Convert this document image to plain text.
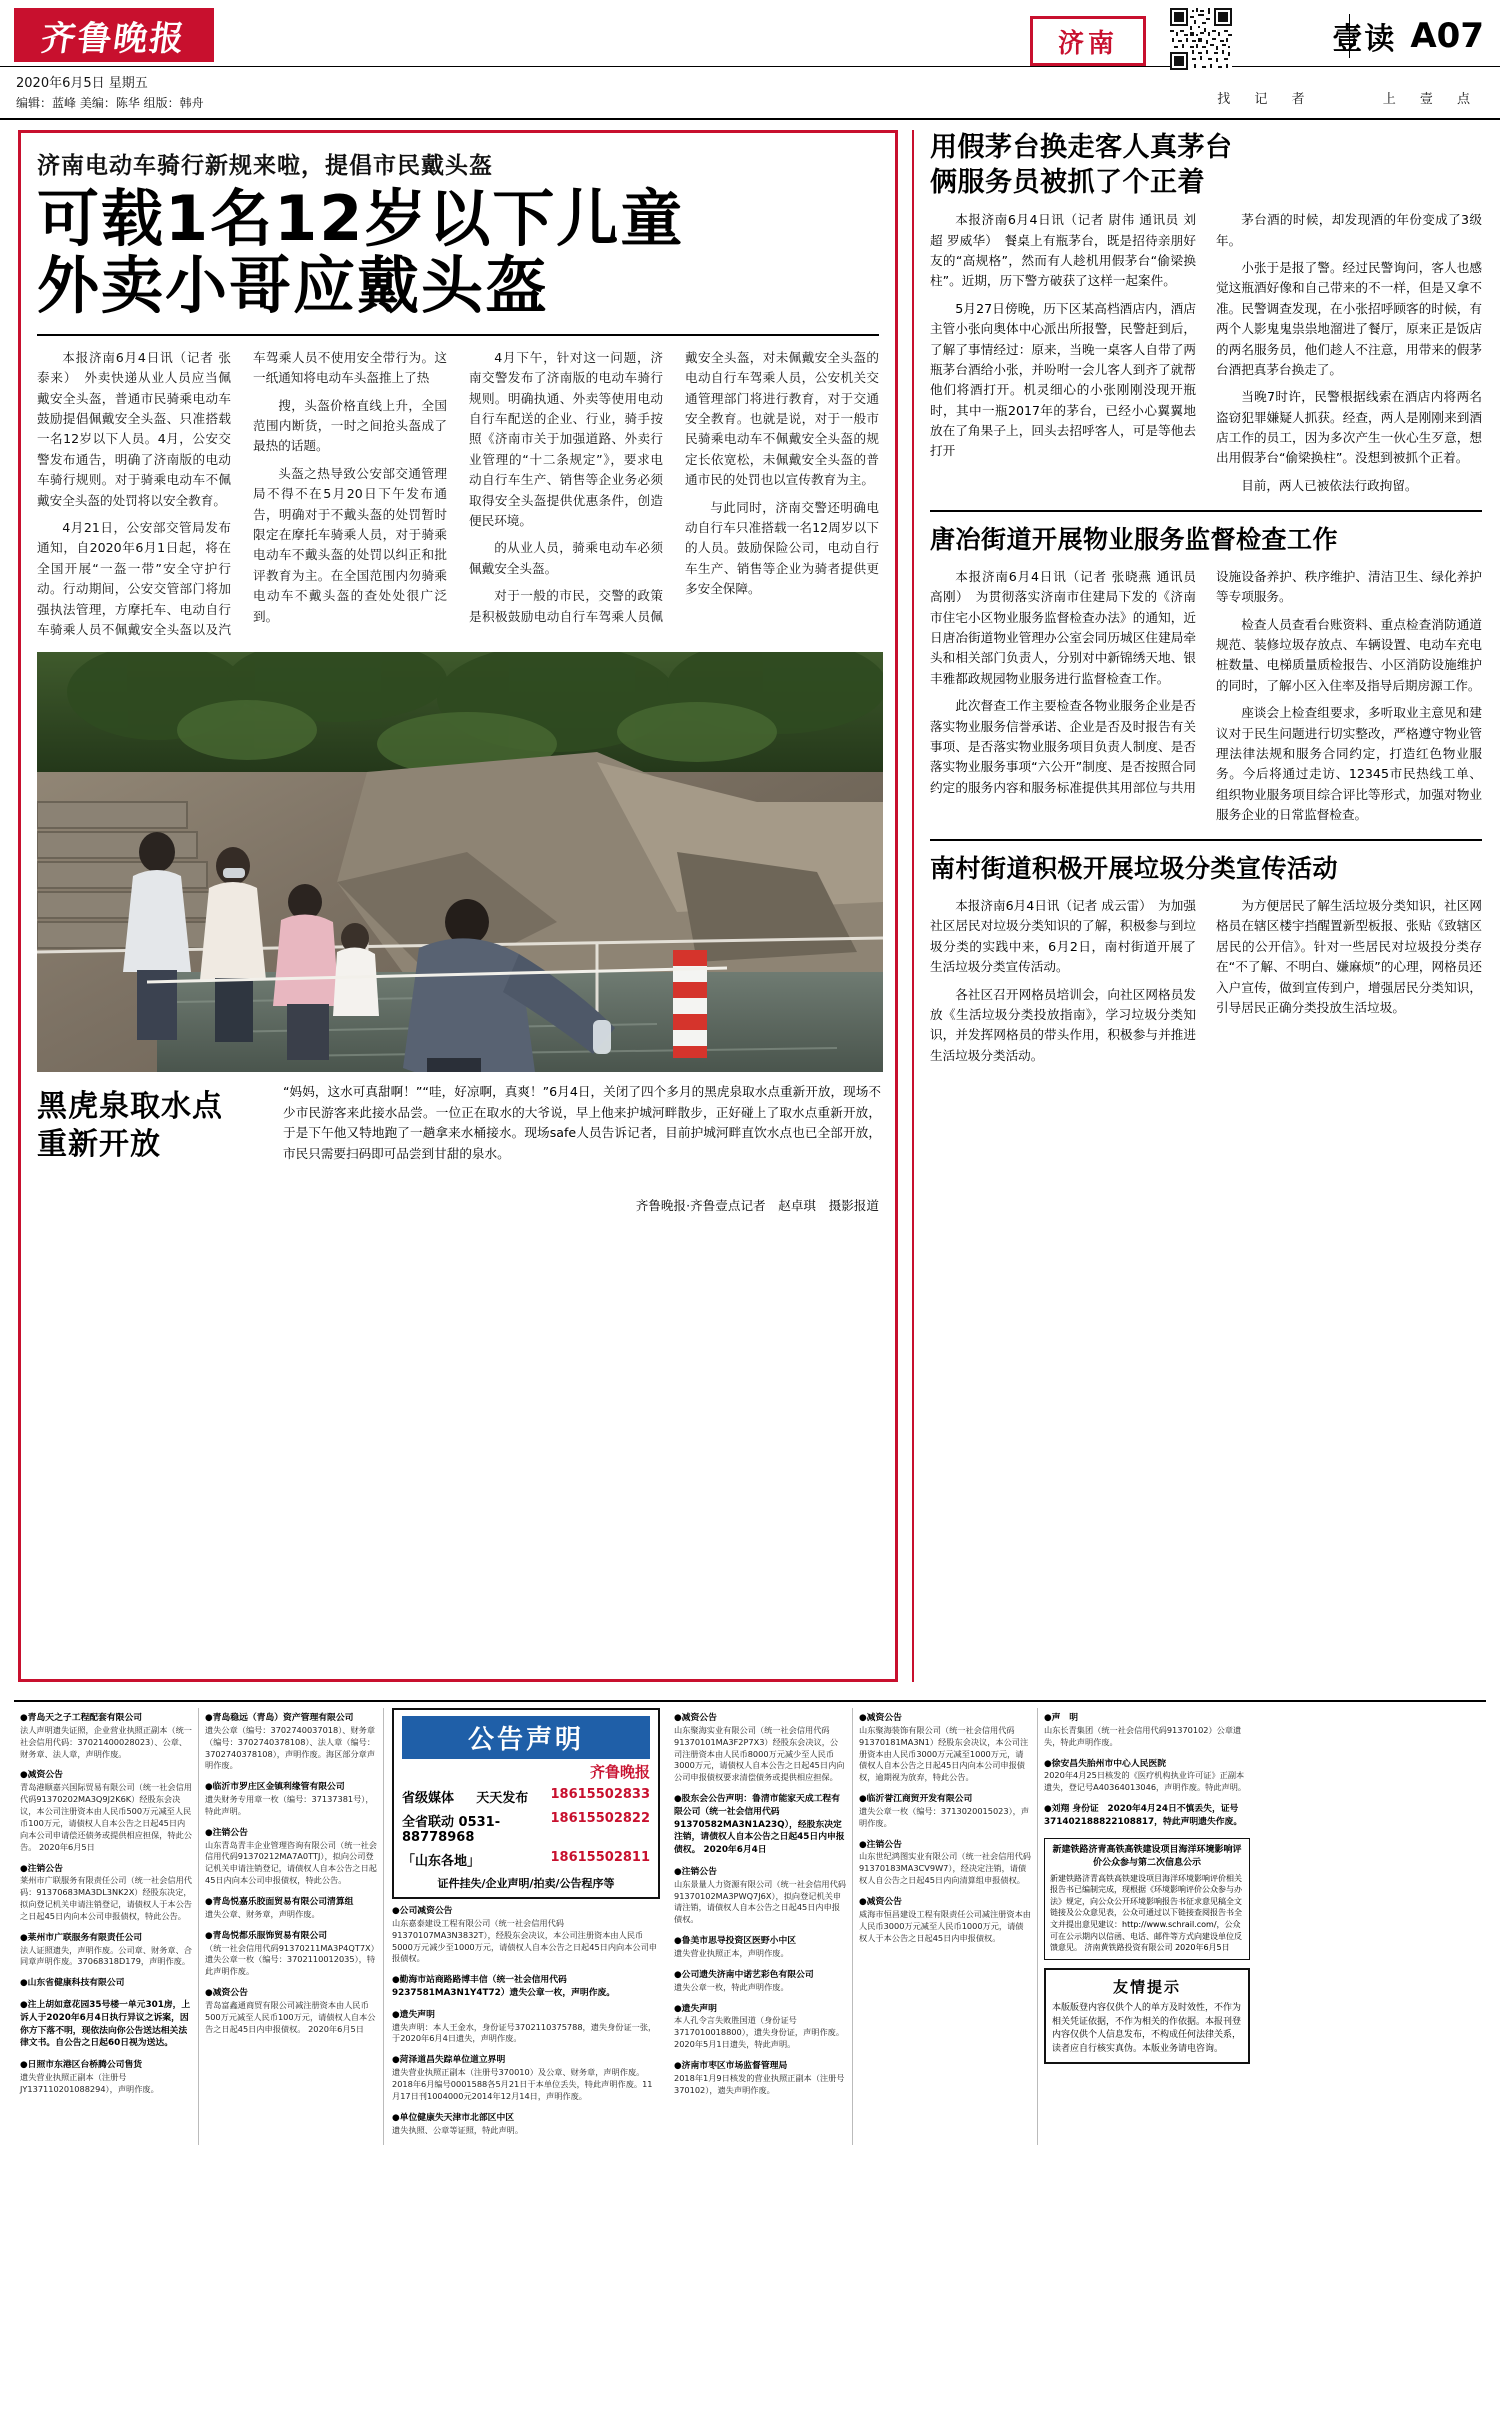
齐鲁晚报
2020年6月5日 星期五
编辑：蓝峰 美编：陈华 组版：韩舟
济南	壹读 A07
找 记 者	上 壹 点
济南电动车骑行新规来啦，提倡市民戴头盔
可载1名12岁以下儿童
外卖小哥应戴头盔

本报济南6月4日讯（记者 张泰来）　外卖快递从业人员应当佩戴安全头盔，普通市民骑乘电动车鼓励提倡佩戴安全头盔、只准搭载一名12岁以下人员。4月，公安交警发布通告，明确了济南版的电动车骑行规则。对于骑乘电动车不佩戴安全头盔的处罚将以安全教育。

4月21日，公安部交管局发布通知，自2020年6月1日起，将在全国开展“一盔一带”安全守护行动。行动期间，公安交管部门将加强执法管理，方摩托车、电动自行车骑乘人员不佩戴安全头盔以及汽车驾乘人员不使用安全带行为。这一纸通知将电动车头盔推上了热

搜，头盔价格直线上升，全国范围内断货，一时之间抢头盔成了最热的话题。

头盔之热导致公安部交通管理局不得不在5月20日下午发布通告，明确对于不戴头盔的处罚暂时限定在摩托车骑乘人员，对于骑乘电动车不戴头盔的处罚以纠正和批评教育为主。在全国范围内勿骑乘电动车不戴头盔的查处处很广泛到。

4月下午，针对这一问题，济南交警发布了济南版的电动车骑行规则。明确执通、外卖等使用电动自行车配送的企业、行业，骑手按照《济南市关于加强道路、外卖行业管理的“十二条规定”》，要求电动自行车生产、销售等企业务必须取得安全头盔提供优惠条件，创造便民环境。

的从业人员，骑乘电动车必须佩戴安全头盔。

对于一般的市民，交警的政策是积极鼓励电动自行车驾乘人员佩戴安全头盔，对未佩戴安全头盔的电动自行车驾乘人员，公安机关交通管理部门将进行教育，对于交通安全教育。也就是说，对于一般市民骑乘电动车不佩戴安全头盔的规定长依宽松，未佩戴安全头盔的普通市民的处罚也以宣传教育为主。

与此同时，济南交警还明确电动自行车只准搭载一名12周岁以下的人员。鼓励保险公司，电动自行车生产、销售等企业为骑者提供更多安全保障。

黑虎泉取水点
重新开放
“妈妈，这水可真甜啊！”“哇，好凉啊，真爽！”6月4日，关闭了四个多月的黑虎泉取水点重新开放，现场不少市民游客来此接水品尝。一位正在取水的大爷说，早上他来护城河畔散步，正好碰上了取水点重新开放，于是下午他又特地跑了一趟拿来水桶接水。现场safe人员告诉记者，目前护城河畔直饮水点也已全部开放，市民只需要扫码即可品尝到甘甜的泉水。
齐鲁晚报·齐鲁壹点记者　赵卓琪　摄影报道
用假茅台换走客人真茅台
俩服务员被抓了个正着

本报济南6月4日讯（记者 尉伟 通讯员 刘超 罗威华）　餐桌上有瓶茅台，既是招待亲朋好友的“高规格”，然而有人趁机用假茅台“偷梁换柱”。近期，历下警方破获了这样一起案件。

5月27日傍晚，历下区某高档酒店内，酒店主管小张向奥体中心派出所报警，民警赶到后，了解了事情经过：原来，当晚一桌客人自带了两瓶茅台酒给小张，并吩咐一会儿客人到齐了就帮他们将酒打开。机灵细心的小张刚刚没现开瓶时，其中一瓶2017年的茅台，已经小心翼翼地放在了角果子上，回头去招呼客人，可是等他去打开

茅台酒的时候，却发现酒的年份变成了3级年。

小张于是报了警。经过民警询问，客人也感觉这瓶酒好像和自己带来的不一样，但是又拿不准。民警调查发现，在小张招呼顾客的时候，有两个人影鬼鬼祟祟地溜进了餐厅，原来正是饭店的两名服务员，他们趁人不注意，用带来的假茅台酒把真茅台换走了。

当晚7时许，民警根据线索在酒店内将两名盗窃犯罪嫌疑人抓获。经查，两人是刚刚来到酒店工作的员工，因为多次产生一伙心生歹意，想出用假茅台“偷梁换柱”。没想到被抓个正着。

目前，两人已被依法行政拘留。

唐冶街道开展物业服务监督检查工作

本报济南6月4日讯（记者 张晓燕 通讯员 高刚）　为贯彻落实济南市住建局下发的《济南市住宅小区物业服务监督检查办法》的通知，近日唐冶街道物业管理办公室会同历城区住建局牵头和相关部门负责人，分别对中新锦绣天地、银丰雅都政规园物业服务进行监督检查工作。

此次督查工作主要检查各物业服务企业是否落实物业服务信誉承诺、企业是否及时报告有关事项、是否落实物业服务项目负责人制度、是否落实物业服务事项“六公开”制度、是否按照合同约定的服务内容和服务标准提供其用部位与共用设施设备养护、秩序维护、清洁卫生、绿化养护等专项服务。

检查人员查看台账资料、重点检查消防通道规范、装修垃圾存放点、车辆设置、电动车充电桩数量、电梯质量质检报告、小区消防设施维护的同时，了解小区入住率及指导后期房源工作。

座谈会上检查组要求，多听取业主意见和建议对于民生问题进行切实整改，严格遵守物业管理法律法规和服务合同约定，打造红色物业服务。今后将通过走访、12345市民热线工单、组织物业服务项目综合评比等形式，加强对物业服务企业的日常监督检查。

南村街道积极开展垃圾分类宣传活动

本报济南6月4日讯（记者 成云雷）　为加强社区居民对垃圾分类知识的了解，积极参与到垃圾分类的实践中来，6月2日，南村街道开展了生活垃圾分类宣传活动。

各社区召开网格员培训会，向社区网格员发放《生活垃圾分类投放指南》，学习垃圾分类知识，并发挥网格员的带头作用，积极参与并推进生活垃圾分类活动。

为方便居民了解生活垃圾分类知识，社区网格员在辖区楼宇挡醒置新型板报、张贴《致辖区居民的公开信》。针对一些居民对垃圾投分类存在“不了解、不明白、嫌麻烦”的心理，网格员还入户宣传，做到宣传到户，增强居民分类知识，引导居民正确分类投放生活垃圾。

●青岛天之子工程配套有限公司
法人声明遗失证照，企业营业执照正副本（统一社会信用代码：37021400028023）、公章、财务章、法人章，声明作废。
●减资公告
青岛港顺嘉兴国际贸易有限公司（统一社会信用代码91370202MA3Q9J2K6K）经股东会决议，本公司注册资本由人民币500万元减至人民币100万元，请债权人自本公告之日起45日内向本公司申请偿还债务或提供相应担保，特此公告。 2020年6月5日
●注销公告
莱州市广联服务有限责任公司（统一社会信用代码：91370683MA3DL3NK2X）经股东决定，拟向登记机关申请注销登记，请债权人于本公告之日起45日内向本公司申报债权，特此公告。
●莱州市广联服务有限责任公司
法人证照遗失，声明作废。公司章、财务章、合同章声明作废。37068318D179，声明作废。
●山东省健康科技有限公司
●注上胡如意花园35号楼一单元301房，上诉人于2020年6月4日执行异议之诉案，因你方下落不明，现依法向你公告送达相关法律文书。自公告之日起60日视为送达。
●日照市东港区台桥腾公司售货
遗失营业执照正副本（注册号JY137110201088294），声明作废。
●青岛稳远（青岛）资产管理有限公司
遗失公章（编号：3702740037018）、财务章（编号：3702740378108）、法人章（编号：3702740378108），声明作废。海区部分章声明作废。
●临沂市罗庄区金镇利缘管有限公司
遗失财务专用章一枚（编号：37137381号），特此声明。
●注销公告
山东青岛青丰企业管理咨询有限公司（统一社会信用代码91370212MA7A0TTJ），拟向公司登记机关申请注销登记，请债权人自本公告之日起45日内向本公司申报债权，特此公告。
●青岛悦嘉乐胶面贸易有限公司清算组
遗失公章、财务章，声明作废。
●青岛悦都乐服饰贸易有限公司
（统一社会信用代码91370211MA3P4QT7X）遗失公章一枚（编号：3702110012035），特此声明作废。
●减资公告
青岛富鑫通商贸有限公司减注册资本由人民币500万元减至人民币100万元，请债权人自本公告之日起45日内申报债权。 2020年6月5日
公告声明
齐鲁晚报
省级媒体 天天发布 18615502833
全省联动 0531-88778968
18615502822
「山东各地」	18615502811
证件挂失/企业声明/拍卖/公告程序等
●公司减资公告
山东嘉泰建设工程有限公司（统一社会信用代码91370107MA3N3832T），经股东会决议，本公司注册资本由人民币5000万元减少至1000万元，请债权人自本公告之日起45日内向本公司申报债权。
●勤海市站商路路博丰信（统一社会信用代码9237581MA3N1Y4T72）遗失公章一枚，声明作废。
●遗失声明
遗失声明：本人王金水，身份证号3702110375788，遗失身份证一张，于2020年6月4日遗失，声明作废。
●菏泽道昌失踪单位道立界明
遗失营业执照正副本（注册号370010）及公章、财务章，声明作废。2018年6月编号0001588各5月21日于本单位丢失，特此声明作废。11月17日刊1004000元2014年12月14日，声明作废。
●单位健康失天津市北部区中区
遗失执照、公章等证照，特此声明。
●减资公告
山东聚海实业有限公司（统一社会信用代码91370101MA3F2P7X3）经股东会决议，公司注册资本由人民币8000万元减少至人民币3000万元，请债权人自本公告之日起45日内向公司申报债权要求清偿债务或提供相应担保。
●股东会公告声明：鲁清市能家天成工程有限公司（统一社会信用代码91370582MA3N1A23Q），经股东决定注销，请债权人自本公告之日起45日内申报债权。 2020年6月4日
●注销公告
山东景量人力资源有限公司（统一社会信用代码91370102MA3PWQ7J6X），拟向登记机关申请注销，请债权人自本公告之日起45日内申报债权。
●鲁美市思导投资区医野小中区
遗失营业执照正本，声明作废。
●公司遗失济南中诺艺彩色有限公司
遗失公章一枚，特此声明作废。
●遗失声明
本人孔令言失败胜国道（身份证号3717010018800），遗失身份证，声明作废。2020年5月1日遗失，特此声明。
●济南市枣区市场监督管理局
2018年1月9日核发的营业执照正副本（注册号370102），遗失声明作废。
●减资公告
山东聚海装饰有限公司（统一社会信用代码91370181MA3N1）经股东会决议，本公司注册资本由人民币3000万元减至1000万元，请债权人自本公告之日起45日内向本公司申报债权，逾期视为放弃，特此公告。
●临沂誉江商贸开发有限公司
遗失公章一枚（编号：3713020015023），声明作废。
●注销公告
山东世纪鸿图实业有限公司（统一社会信用代码91370183MA3CV9W7），经决定注销，请债权人自公告之日起45日内向清算组申报债权。
●减资公告
威海市恒昌建设工程有限责任公司减注册资本由人民币3000万元减至人民币1000万元，请债权人于本公告之日起45日内申报债权。
●声　明
山东长青集团（统一社会信用代码91370102）公章遗失，特此声明作废。
●徐安昌失胎州市中心人民医院
2020年4月25日核发的《医疗机构执业许可证》正副本遗失，登记号A40364013046，声明作废。特此声明。
●刘翔 身份证　2020年4月24日不慎丢失，证号371402188822108817，特此声明遗失作废。
新建铁路济青高铁高铁建设项目海洋环境影响评价公众参与第二次信息公示
新建铁路济青高铁高铁建设项目海洋环境影响评价相关报告书已编制完成，现根据《环境影响评价公众参与办法》规定，向公众公开环境影响报告书征求意见稿全文链接及公众意见表，公众可通过以下链接查阅报告书全文并提出意见建议：http://www.schrail.com/，公众可在公示期内以信函、电话、邮件等方式向建设单位反馈意见。 济南黄铁路投资有限公司 2020年6月5日
友情提示
本版版登内容仅供个人的单方及时效性，不作为相关凭证依据，不作为相关的作依据。本报刊登内容仅供个人信息发布，不构成任何法律关系，读者应自行核实真伪。本版业务请电咨询。
